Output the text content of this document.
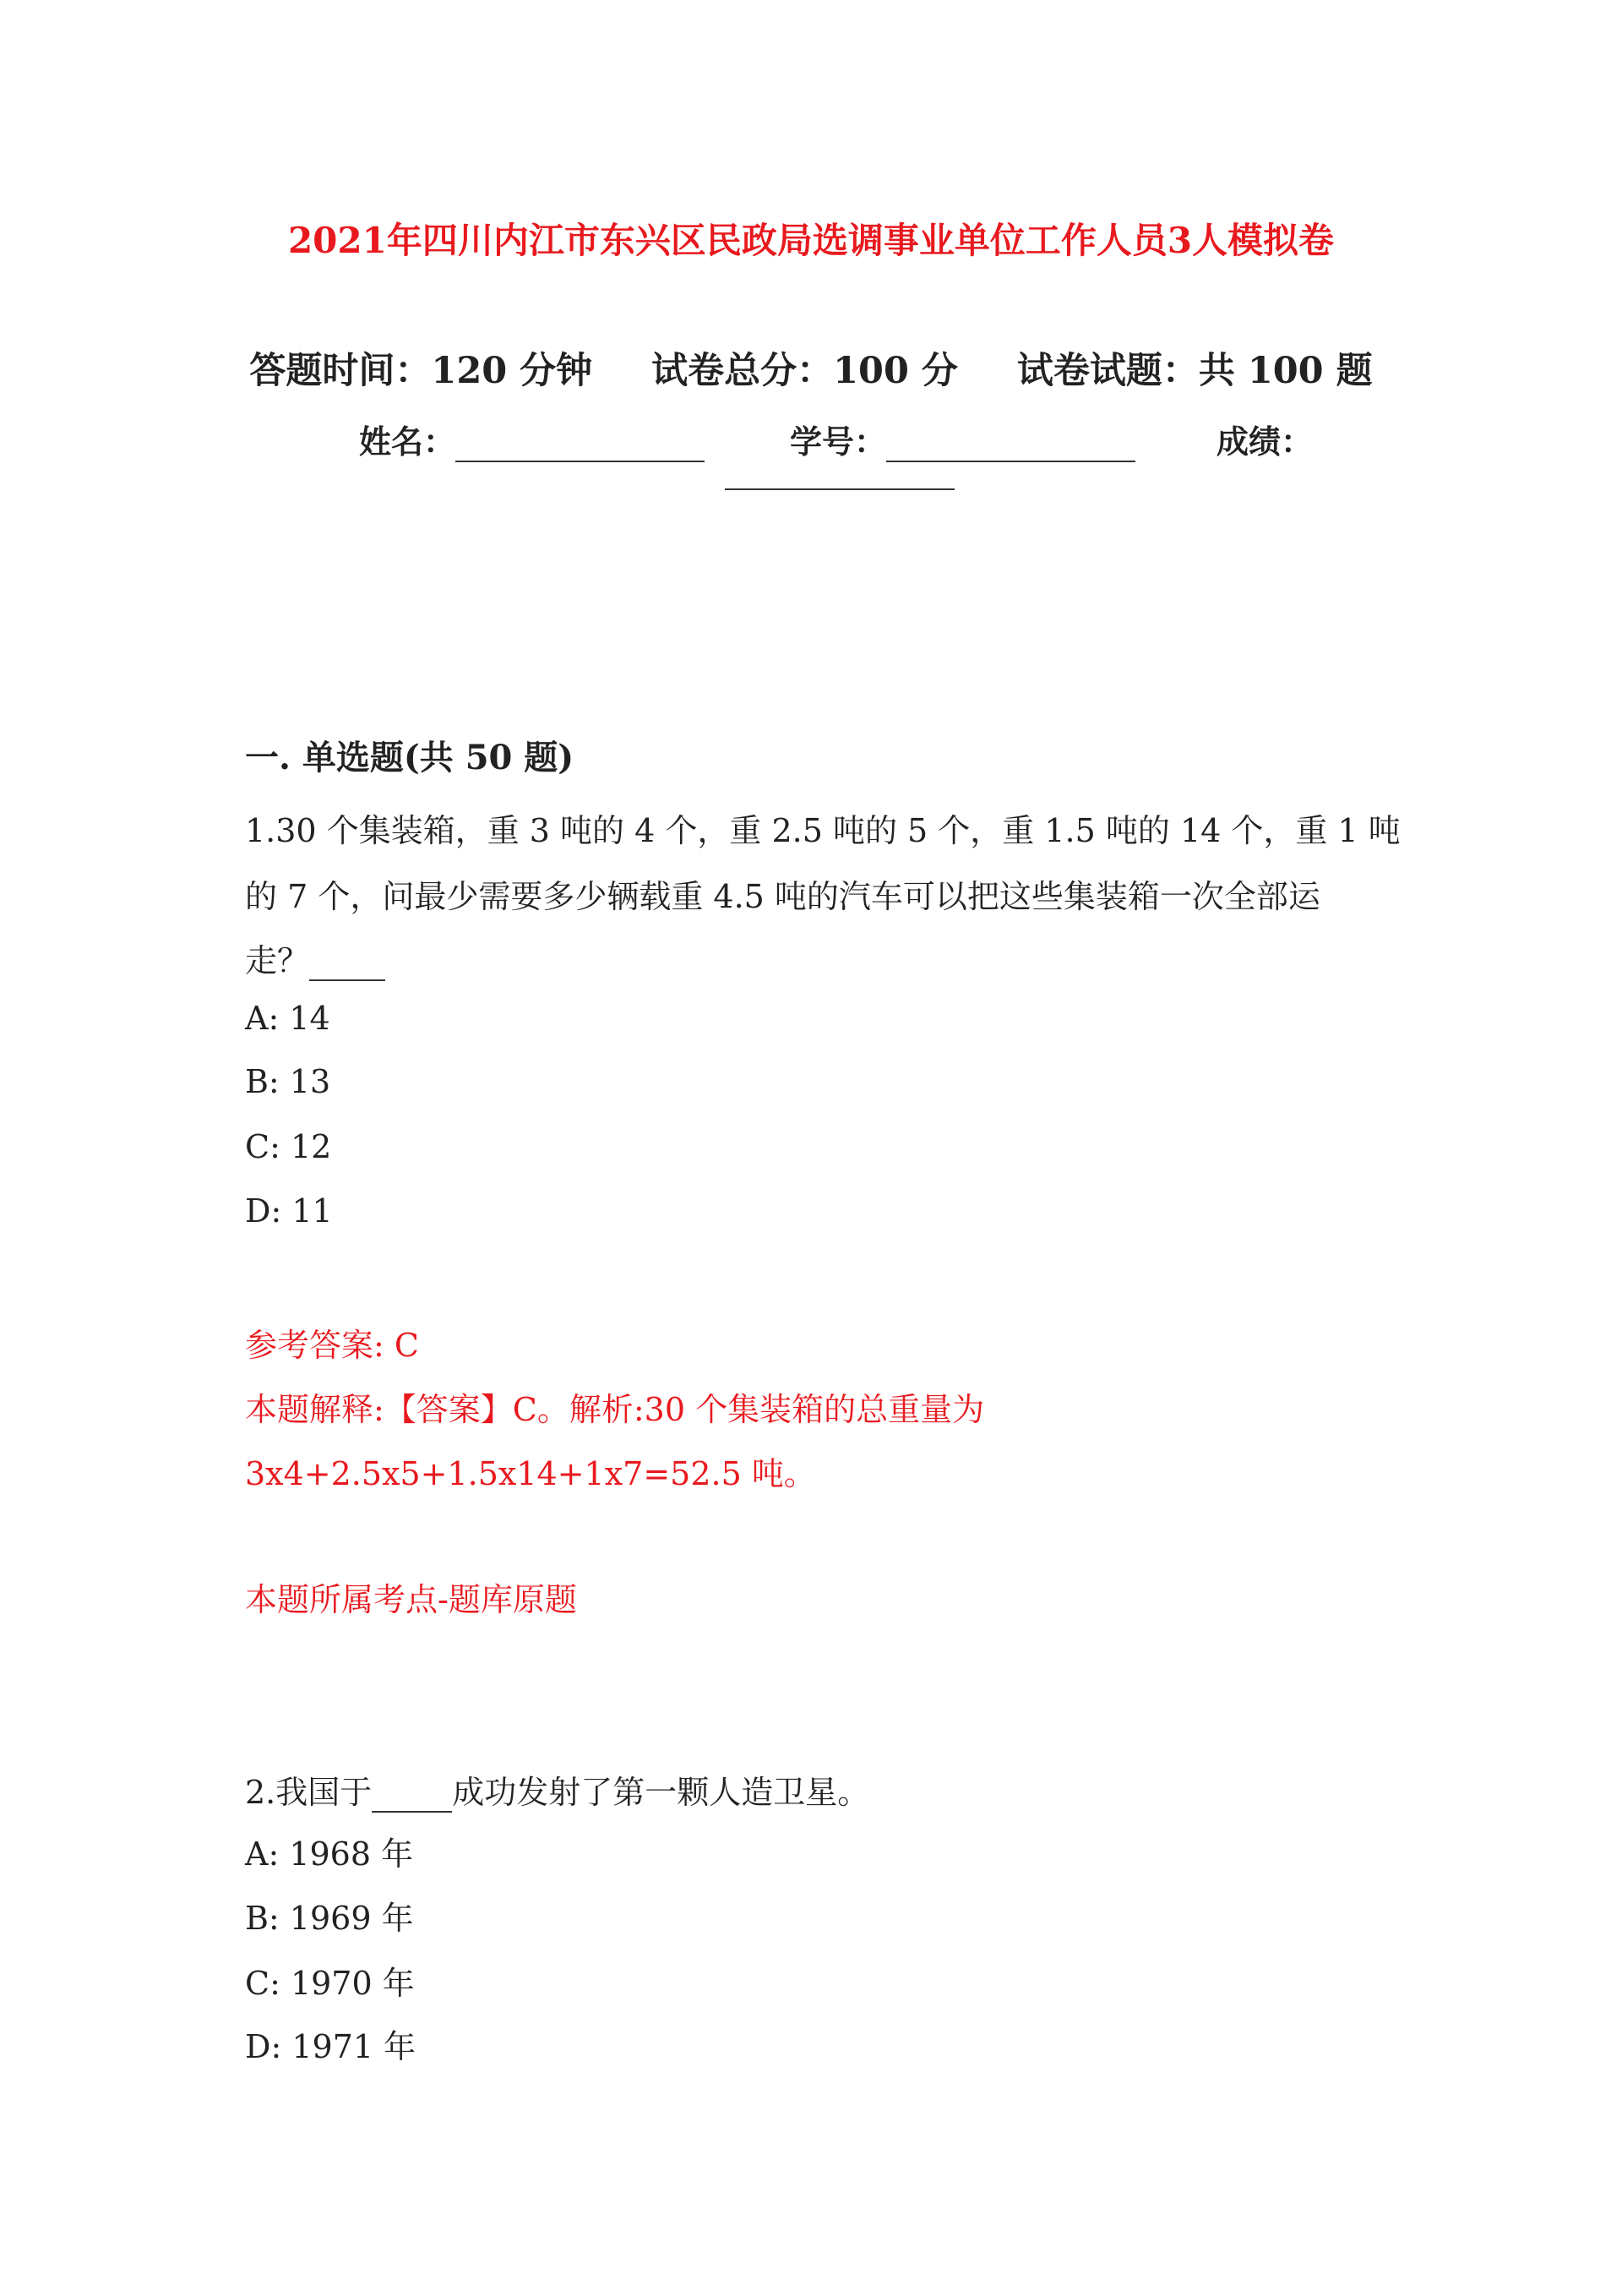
2021年四川内江市东兴区民政局选调事业单位工作人员3人模拟卷
答题时间：120 分钟 试卷总分：100 分 试卷试题：共 100 题
姓名：	学号：	成绩：
一. 单选题(共 50 题)
1.30 个集装箱，重 3 吨的 4 个，重 2.5 吨的 5 个，重 1.5 吨的 14 个，重 1 吨
的 7 个，问最少需要多少辆载重 4.5 吨的汽车可以把这些集装箱一次全部运
走？
A: 14
B: 13
C: 12
D: 11
参考答案: C
本题解释:【答案】C。解析:30 个集装箱的总重量为
3x4+2.5x5+1.5x14+1x7=52.5 吨。
本题所属考点-题库原题
2.我国于	成功发射了第一颗人造卫星。
A: 1968 年
B: 1969 年
C: 1970 年
D: 1971 年
